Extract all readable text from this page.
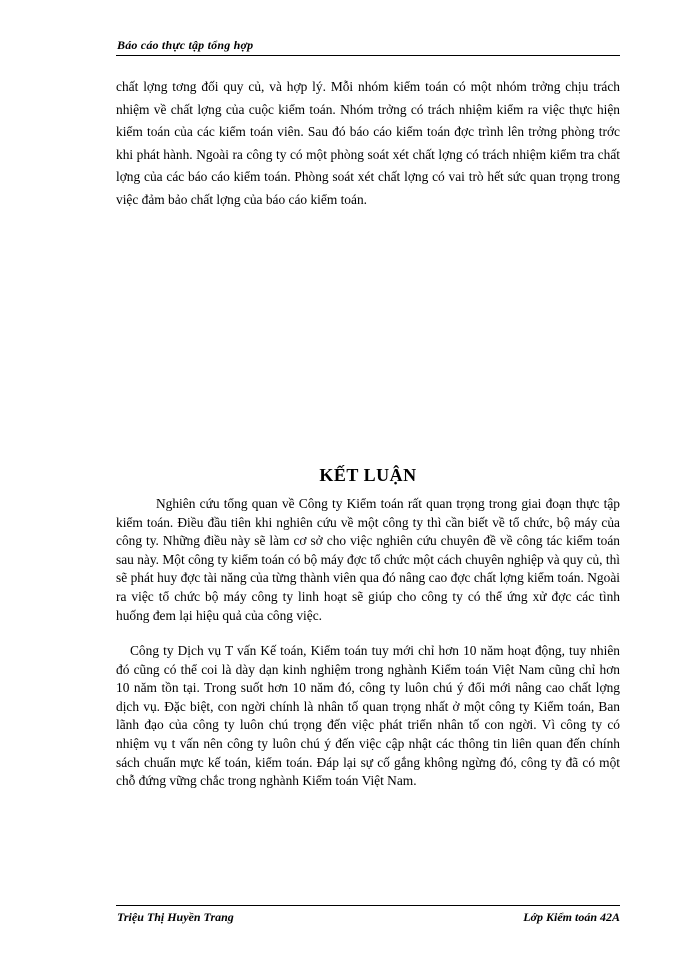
Báo cáo thực tập tổng hợp

chất lợng tơng đối quy củ, và hợp lý. Mỗi nhóm kiểm toán có một nhóm trởng chịu trách nhiệm về chất lợng của cuộc kiểm toán. Nhóm trởng có trách nhiệm kiểm ra việc thực hiện kiểm toán của các kiểm toán viên. Sau đó báo cáo kiểm toán đợc trình lên trởng phòng trớc khi phát hành. Ngoài ra công ty có một phòng soát xét chất lợng có trách nhiệm kiểm tra chất lợng của các báo cáo kiểm toán. Phòng soát xét chất lợng có vai trò hết sức quan trọng trong việc đảm bảo chất lợng của báo cáo kiểm toán.

KẾT LUẬN

Nghiên cứu tổng quan về Công ty Kiểm toán rất quan trọng trong giai đoạn thực tập kiểm toán. Điều đầu tiên khi nghiên cứu về một công ty thì cần biết về tổ chức, bộ máy của công ty. Những điều này sẽ làm cơ sở cho việc nghiên cứu chuyên đề về công tác kiểm toán sau này. Một công ty kiểm toán có bộ máy đợc tổ chức một cách chuyên nghiệp và quy củ, thì sẽ phát huy đợc tài năng của từng thành viên qua đó nâng cao đợc chất lợng kiểm toán. Ngoài ra việc tổ chức bộ máy công ty linh hoạt sẽ giúp cho công ty có thể ứng xử đợc các tình huống đem lại hiệu quả của công việc.

Công ty Dịch vụ T vấn Kế toán, Kiểm toán tuy mới chỉ hơn 10 năm hoạt động, tuy nhiên đó cũng có thể coi là dày dạn kinh nghiệm trong nghành Kiểm toán Việt Nam cũng chỉ hơn 10 năm tồn tại. Trong suốt hơn 10 năm đó, công ty luôn chú ý đổi mới nâng cao chất lợng dịch vụ. Đặc biệt, con ngời chính là nhân tố quan trọng nhất ở một công ty Kiểm toán, Ban lãnh đạo của công ty luôn chú trọng đến việc phát triển nhân tố con ngời. Vì công ty có nhiệm vụ t vấn nên công ty luôn chú ý đến việc cập nhật các thông tin liên quan đến chính sách chuẩn mực kế toán, kiểm toán. Đáp lại sự cố gắng không ngừng đó, công ty đã có một chỗ đứng vững chắc trong nghành Kiểm toán Việt Nam.

Triệu Thị Huyền Trang	Lớp Kiểm toán 42A
